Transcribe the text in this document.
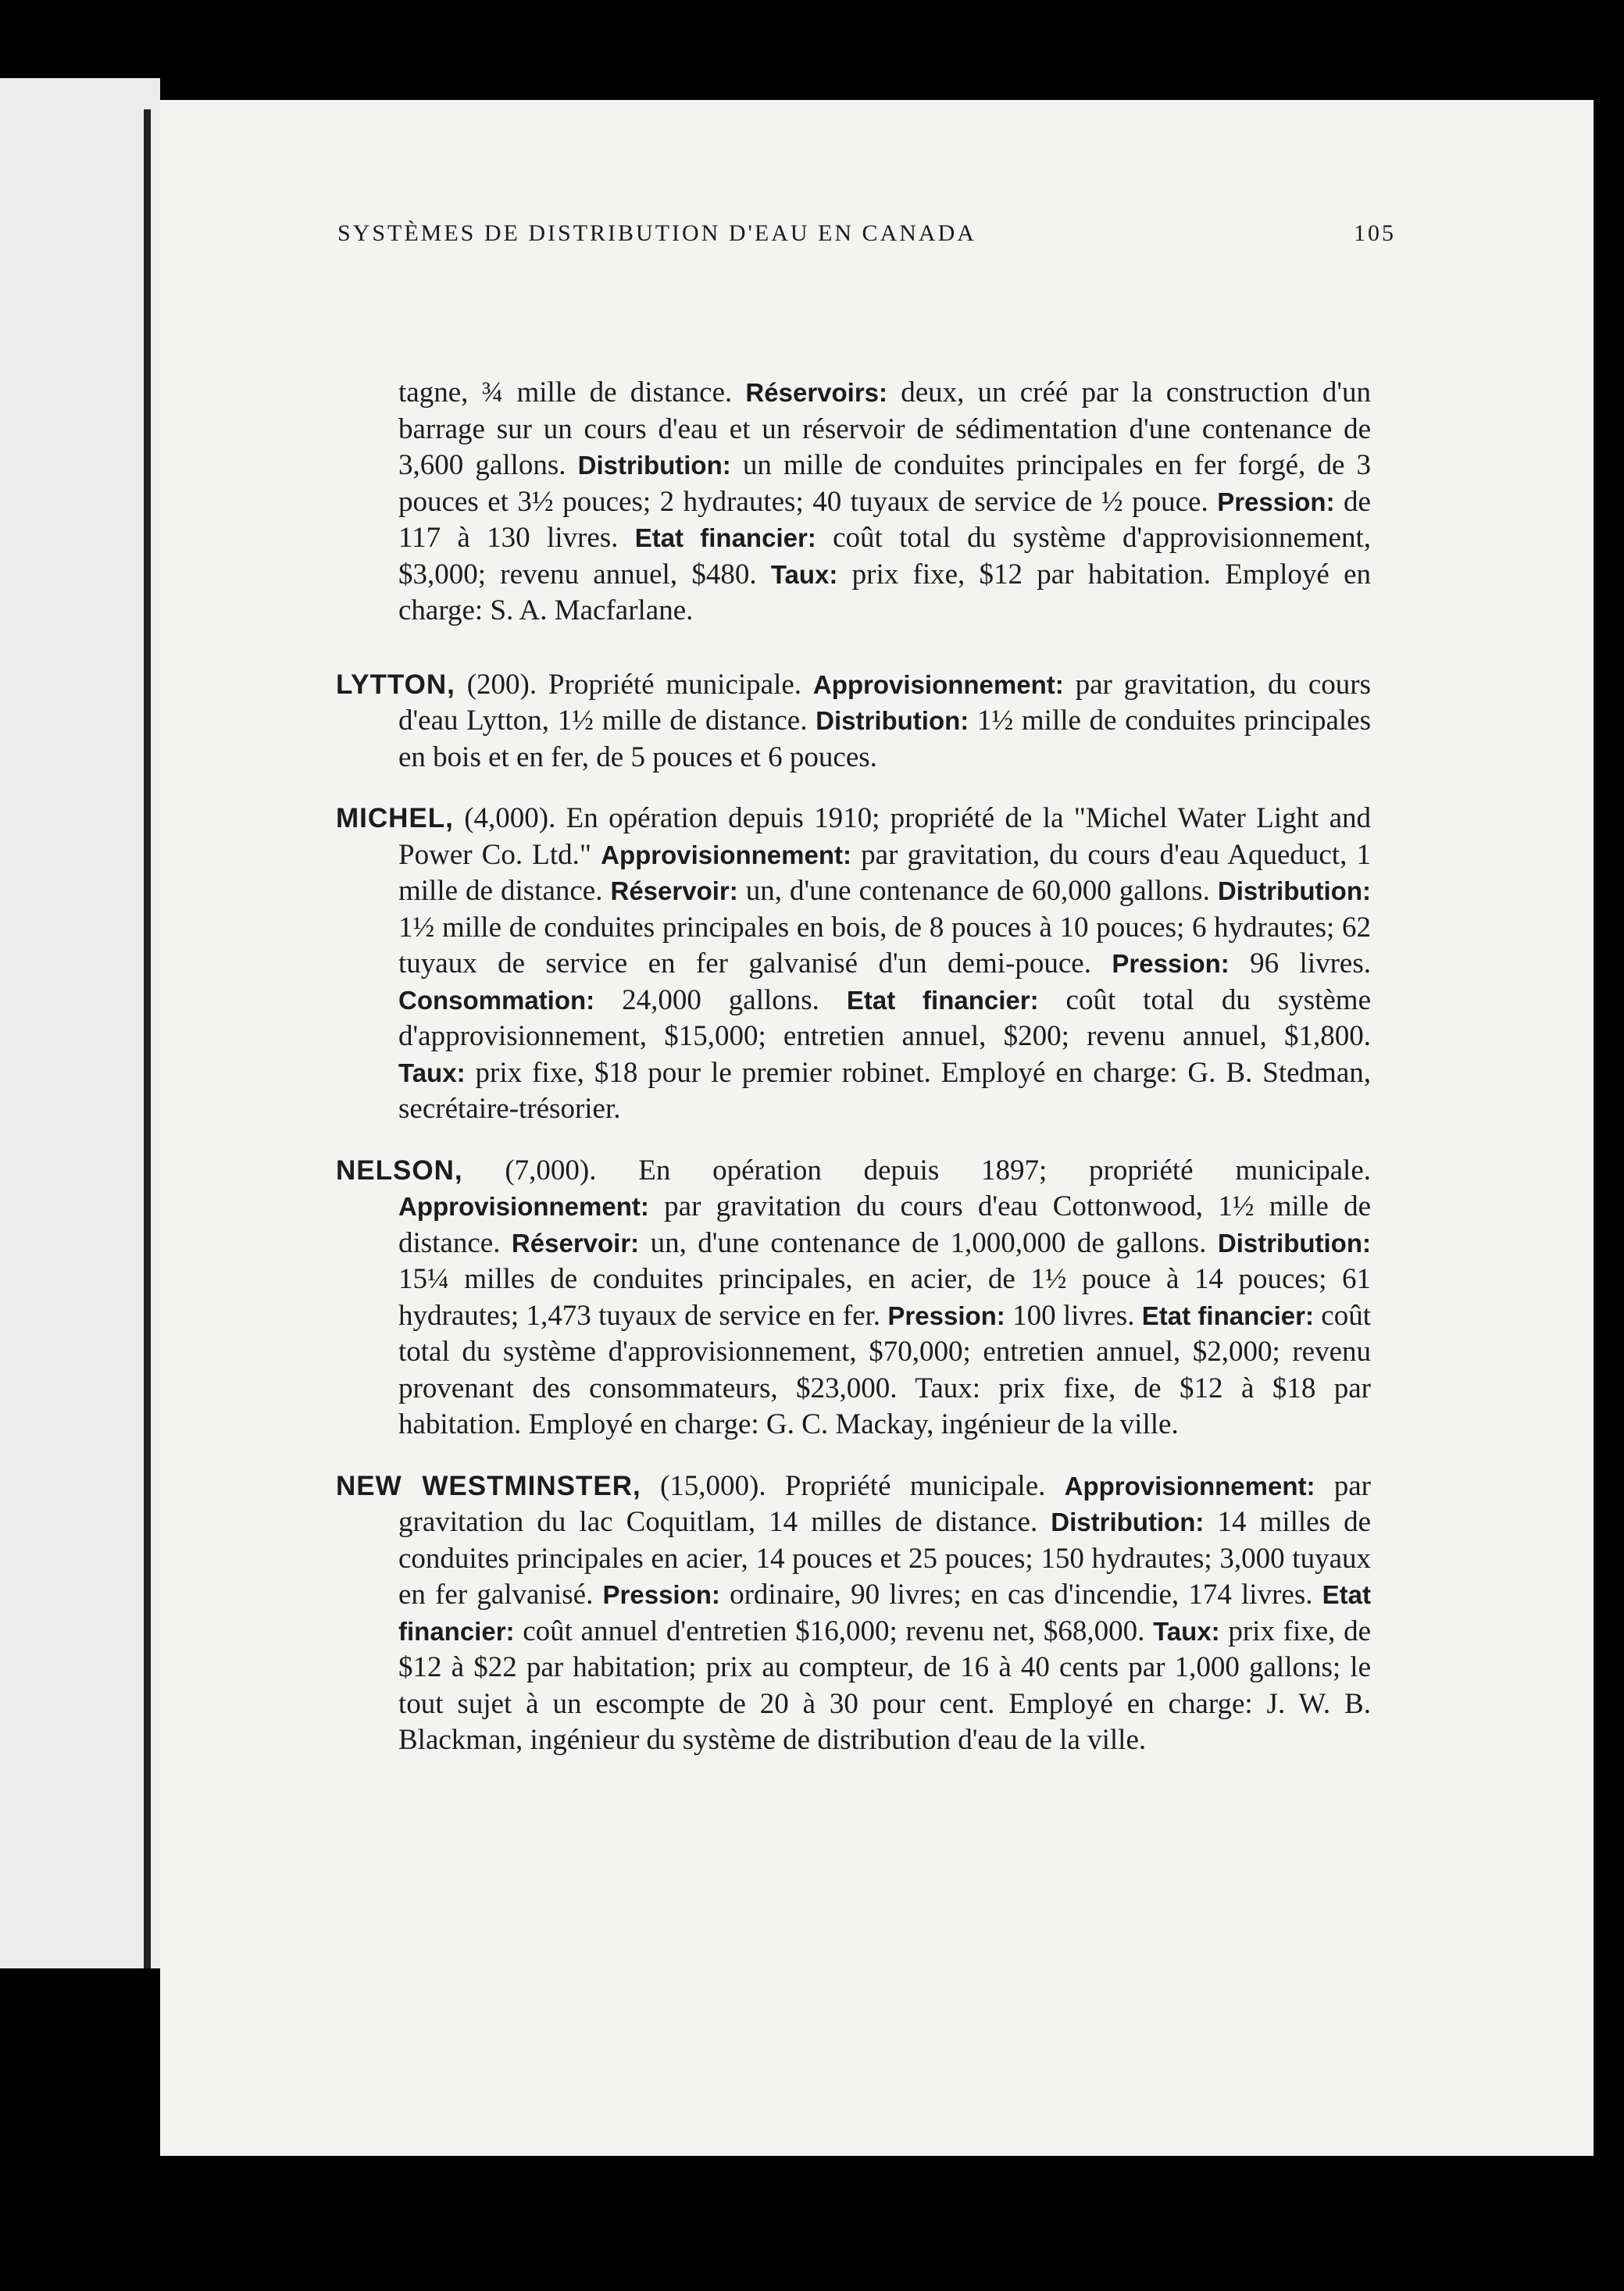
SYSTÈMES DE DISTRIBUTION D'EAU EN CANADA	105

tagne, ¾ mille de distance. Réservoirs: deux, un créé par la construction d'un barrage sur un cours d'eau et un réservoir de sédimentation d'une contenance de 3,600 gallons. Distribution: un mille de conduites principales en fer forgé, de 3 pouces et 3½ pouces; 2 hydrautes; 40 tuyaux de service de ½ pouce. Pression: de 117 à 130 livres. Etat financier: coût total du système d'approvisionnement, $3,000; revenu annuel, $480. Taux: prix fixe, $12 par habitation. Employé en charge: S. A. Macfarlane.

LYTTON, (200). Propriété municipale. Approvisionnement: par gravitation, du cours d'eau Lytton, 1½ mille de distance. Distribution: 1½ mille de conduites principales en bois et en fer, de 5 pouces et 6 pouces.

MICHEL, (4,000). En opération depuis 1910; propriété de la "Michel Water Light and Power Co. Ltd." Approvisionnement: par gravitation, du cours d'eau Aqueduct, 1 mille de distance. Réservoir: un, d'une contenance de 60,000 gallons. Distribution: 1½ mille de conduites principales en bois, de 8 pouces à 10 pouces; 6 hydrautes; 62 tuyaux de service en fer galvanisé d'un demi-pouce. Pression: 96 livres. Consommation: 24,000 gallons. Etat financier: coût total du système d'approvisionnement, $15,000; entretien annuel, $200; revenu annuel, $1,800. Taux: prix fixe, $18 pour le premier robinet. Employé en charge: G. B. Stedman, secrétaire-trésorier.

NELSON, (7,000). En opération depuis 1897; propriété municipale. Approvisionnement: par gravitation du cours d'eau Cottonwood, 1½ mille de distance. Réservoir: un, d'une contenance de 1,000,000 de gallons. Distribution: 15¼ milles de conduites principales, en acier, de 1½ pouce à 14 pouces; 61 hydrautes; 1,473 tuyaux de service en fer. Pression: 100 livres. Etat financier: coût total du système d'approvisionnement, $70,000; entretien annuel, $2,000; revenu provenant des consommateurs, $23,000. Taux: prix fixe, de $12 à $18 par habitation. Employé en charge: G. C. Mackay, ingénieur de la ville.

NEW WESTMINSTER, (15,000). Propriété municipale. Approvisionnement: par gravitation du lac Coquitlam, 14 milles de distance. Distribution: 14 milles de conduites principales en acier, 14 pouces et 25 pouces; 150 hydrautes; 3,000 tuyaux en fer galvanisé. Pression: ordinaire, 90 livres; en cas d'incendie, 174 livres. Etat financier: coût annuel d'entretien $16,000; revenu net, $68,000. Taux: prix fixe, de $12 à $22 par habitation; prix au compteur, de 16 à 40 cents par 1,000 gallons; le tout sujet à un escompte de 20 à 30 pour cent. Employé en charge: J. W. B. Blackman, ingénieur du système de distribution d'eau de la ville.
